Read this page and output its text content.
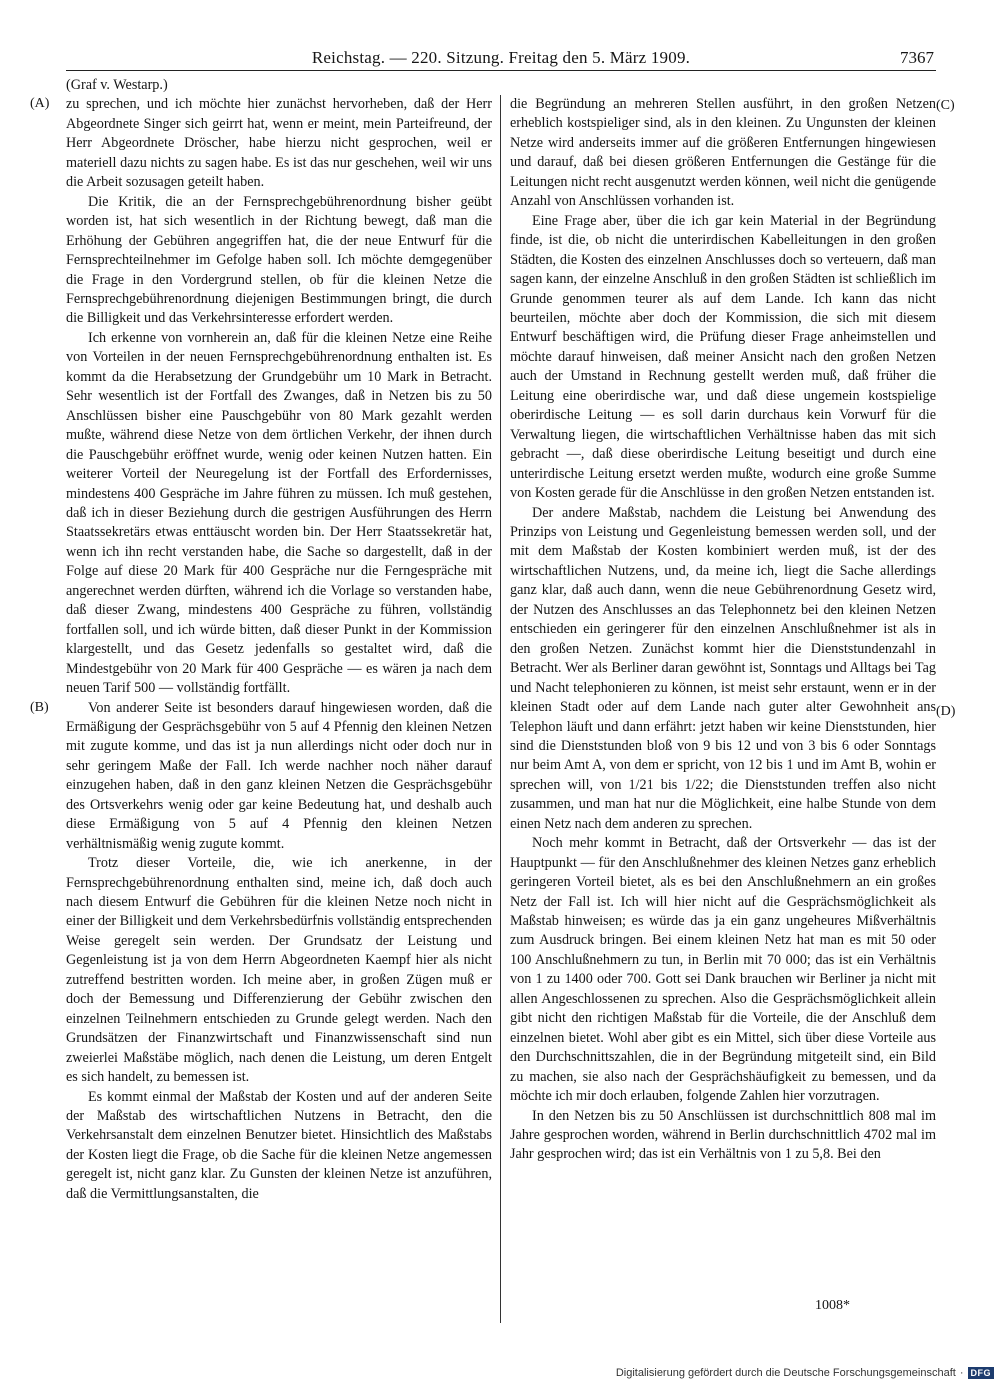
Reichstag. — 220. Sitzung. Freitag den 5. März 1909.	7367
(A)
(B)
(C)
(D)
(Graf v. Westarp.)

zu sprechen, und ich möchte hier zunächst hervorheben, daß der Herr Abgeordnete Singer sich geirrt hat, wenn er meint, mein Parteifreund, der Herr Abgeordnete Dröscher, habe hierzu nicht gesprochen, weil er materiell dazu nichts zu sagen habe. Es ist das nur geschehen, weil wir uns die Arbeit sozusagen geteilt haben.

Die Kritik, die an der Fernsprechgebührenordnung bisher geübt worden ist, hat sich wesentlich in der Richtung bewegt, daß man die Erhöhung der Gebühren angegriffen hat, die der neue Entwurf für die Fernsprechteilnehmer im Gefolge haben soll. Ich möchte demgegenüber die Frage in den Vordergrund stellen, ob für die kleinen Netze die Fernsprechgebührenordnung diejenigen Bestimmungen bringt, die durch die Billigkeit und das Verkehrsinteresse erfordert werden.

Ich erkenne von vornherein an, daß für die kleinen Netze eine Reihe von Vorteilen in der neuen Fernsprechgebührenordnung enthalten ist. Es kommt da die Herabsetzung der Grundgebühr um 10 Mark in Betracht. Sehr wesentlich ist der Fortfall des Zwanges, daß in Netzen bis zu 50 Anschlüssen bisher eine Pauschgebühr von 80 Mark gezahlt werden mußte, während diese Netze von dem örtlichen Verkehr, der ihnen durch die Pauschgebühr eröffnet wurde, wenig oder keinen Nutzen hatten. Ein weiterer Vorteil der Neuregelung ist der Fortfall des Erfordernisses, mindestens 400 Gespräche im Jahre führen zu müssen. Ich muß gestehen, daß ich in dieser Beziehung durch die gestrigen Ausführungen des Herrn Staatssekretärs etwas enttäuscht worden bin. Der Herr Staatssekretär hat, wenn ich ihn recht verstanden habe, die Sache so dargestellt, daß in der Folge auf diese 20 Mark für 400 Gespräche nur die Ferngespräche mit angerechnet werden dürften, während ich die Vorlage so verstanden habe, daß dieser Zwang, mindestens 400 Gespräche zu führen, vollständig fortfallen soll, und ich würde bitten, daß dieser Punkt in der Kommission klargestellt, und das Gesetz jedenfalls so gestaltet wird, daß die Mindestgebühr von 20 Mark für 400 Gespräche — es wären ja nach dem neuen Tarif 500 — vollständig fortfällt.

Von anderer Seite ist besonders darauf hingewiesen worden, daß die Ermäßigung der Gesprächsgebühr von 5 auf 4 Pfennig den kleinen Netzen mit zugute komme, und das ist ja nun allerdings nicht oder doch nur in sehr geringem Maße der Fall. Ich werde nachher noch näher darauf einzugehen haben, daß in den ganz kleinen Netzen die Gesprächsgebühr des Ortsverkehrs wenig oder gar keine Bedeutung hat, und deshalb auch diese Ermäßigung von 5 auf 4 Pfennig den kleinen Netzen verhältnismäßig wenig zugute kommt.

Trotz dieser Vorteile, die, wie ich anerkenne, in der Fernsprechgebührenordnung enthalten sind, meine ich, daß doch auch nach diesem Entwurf die Gebühren für die kleinen Netze noch nicht in einer der Billigkeit und dem Verkehrsbedürfnis vollständig entsprechenden Weise geregelt sein werden. Der Grundsatz der Leistung und Gegenleistung ist ja von dem Herrn Abgeordneten Kaempf hier als nicht zutreffend bestritten worden. Ich meine aber, in großen Zügen muß er doch der Bemessung und Differenzierung der Gebühr zwischen den einzelnen Teilnehmern entschieden zu Grunde gelegt werden. Nach den Grundsätzen der Finanzwirtschaft und Finanzwissenschaft sind nun zweierlei Maßstäbe möglich, nach denen die Leistung, um deren Entgelt es sich handelt, zu bemessen ist.

Es kommt einmal der Maßstab der Kosten und auf der anderen Seite der Maßstab des wirtschaftlichen Nutzens in Betracht, den die Verkehrsanstalt dem einzelnen Benutzer bietet. Hinsichtlich des Maßstabs der Kosten liegt die Frage, ob die Sache für die kleinen Netze angemessen geregelt ist, nicht ganz klar. Zu Gunsten der kleinen Netze ist anzuführen, daß die Vermittlungsanstalten, die

die Begründung an mehreren Stellen ausführt, in den großen Netzen erheblich kostspieliger sind, als in den kleinen. Zu Ungunsten der kleinen Netze wird anderseits immer auf die größeren Entfernungen hingewiesen und darauf, daß bei diesen größeren Entfernungen die Gestänge für die Leitungen nicht recht ausgenutzt werden können, weil nicht die genügende Anzahl von Anschlüssen vorhanden ist.

Eine Frage aber, über die ich gar kein Material in der Begründung finde, ist die, ob nicht die unterirdischen Kabelleitungen in den großen Städten, die Kosten des einzelnen Anschlusses doch so verteuern, daß man sagen kann, der einzelne Anschluß in den großen Städten ist schließlich im Grunde genommen teurer als auf dem Lande. Ich kann das nicht beurteilen, möchte aber doch der Kommission, die sich mit diesem Entwurf beschäftigen wird, die Prüfung dieser Frage anheimstellen und möchte darauf hinweisen, daß meiner Ansicht nach den großen Netzen auch der Umstand in Rechnung gestellt werden muß, daß früher die Leitung eine oberirdische war, und daß diese ungemein kostspielige oberirdische Leitung — es soll darin durchaus kein Vorwurf für die Verwaltung liegen, die wirtschaftlichen Verhältnisse haben das mit sich gebracht —, daß diese oberirdische Leitung beseitigt und durch eine unterirdische Leitung ersetzt werden mußte, wodurch eine große Summe von Kosten gerade für die Anschlüsse in den großen Netzen entstanden ist.

Der andere Maßstab, nachdem die Leistung bei Anwendung des Prinzips von Leistung und Gegenleistung bemessen werden soll, und der mit dem Maßstab der Kosten kombiniert werden muß, ist der des wirtschaftlichen Nutzens, und, da meine ich, liegt die Sache allerdings ganz klar, daß auch dann, wenn die neue Gebührenordnung Gesetz wird, der Nutzen des Anschlusses an das Telephonnetz bei den kleinen Netzen entschieden ein geringerer für den einzelnen Anschlußnehmer ist als in den großen Netzen. Zunächst kommt hier die Dienststundenzahl in Betracht. Wer als Berliner daran gewöhnt ist, Sonntags und Alltags bei Tag und Nacht telephonieren zu können, ist meist sehr erstaunt, wenn er in der kleinen Stadt oder auf dem Lande nach guter alter Gewohnheit ans Telephon läuft und dann erfährt: jetzt haben wir keine Dienststunden, hier sind die Dienststunden bloß von 9 bis 12 und von 3 bis 6 oder Sonntags nur beim Amt A, von dem er spricht, von 12 bis 1 und im Amt B, wohin er sprechen will, von 1/21 bis 1/22; die Dienststunden treffen also nicht zusammen, und man hat nur die Möglichkeit, eine halbe Stunde von dem einen Netz nach dem anderen zu sprechen.

Noch mehr kommt in Betracht, daß der Ortsverkehr — das ist der Hauptpunkt — für den Anschlußnehmer des kleinen Netzes ganz erheblich geringeren Vorteil bietet, als es bei den Anschlußnehmern an ein großes Netz der Fall ist. Ich will hier nicht auf die Gesprächsmöglichkeit als Maßstab hinweisen; es würde das ja ein ganz ungeheures Mißverhältnis zum Ausdruck bringen. Bei einem kleinen Netz hat man es mit 50 oder 100 Anschlußnehmern zu tun, in Berlin mit 70 000; das ist ein Verhältnis von 1 zu 1400 oder 700. Gott sei Dank brauchen wir Berliner ja nicht mit allen Angeschlossenen zu sprechen. Also die Gesprächsmöglichkeit allein gibt nicht den richtigen Maßstab für die Vorteile, die der Anschluß dem einzelnen bietet. Wohl aber gibt es ein Mittel, sich über diese Vorteile aus den Durchschnittszahlen, die in der Begründung mitgeteilt sind, ein Bild zu machen, sie also nach der Gesprächshäufigkeit zu bemessen, und da möchte ich mir doch erlauben, folgende Zahlen hier vorzutragen.

In den Netzen bis zu 50 Anschlüssen ist durchschnittlich 808 mal im Jahre gesprochen worden, während in Berlin durchschnittlich 4702 mal im Jahr gesprochen wird; das ist ein Verhältnis von 1 zu 5,8. Bei den

1008*
Digitalisierung gefördert durch die Deutsche Forschungsgemeinschaft · DFG
